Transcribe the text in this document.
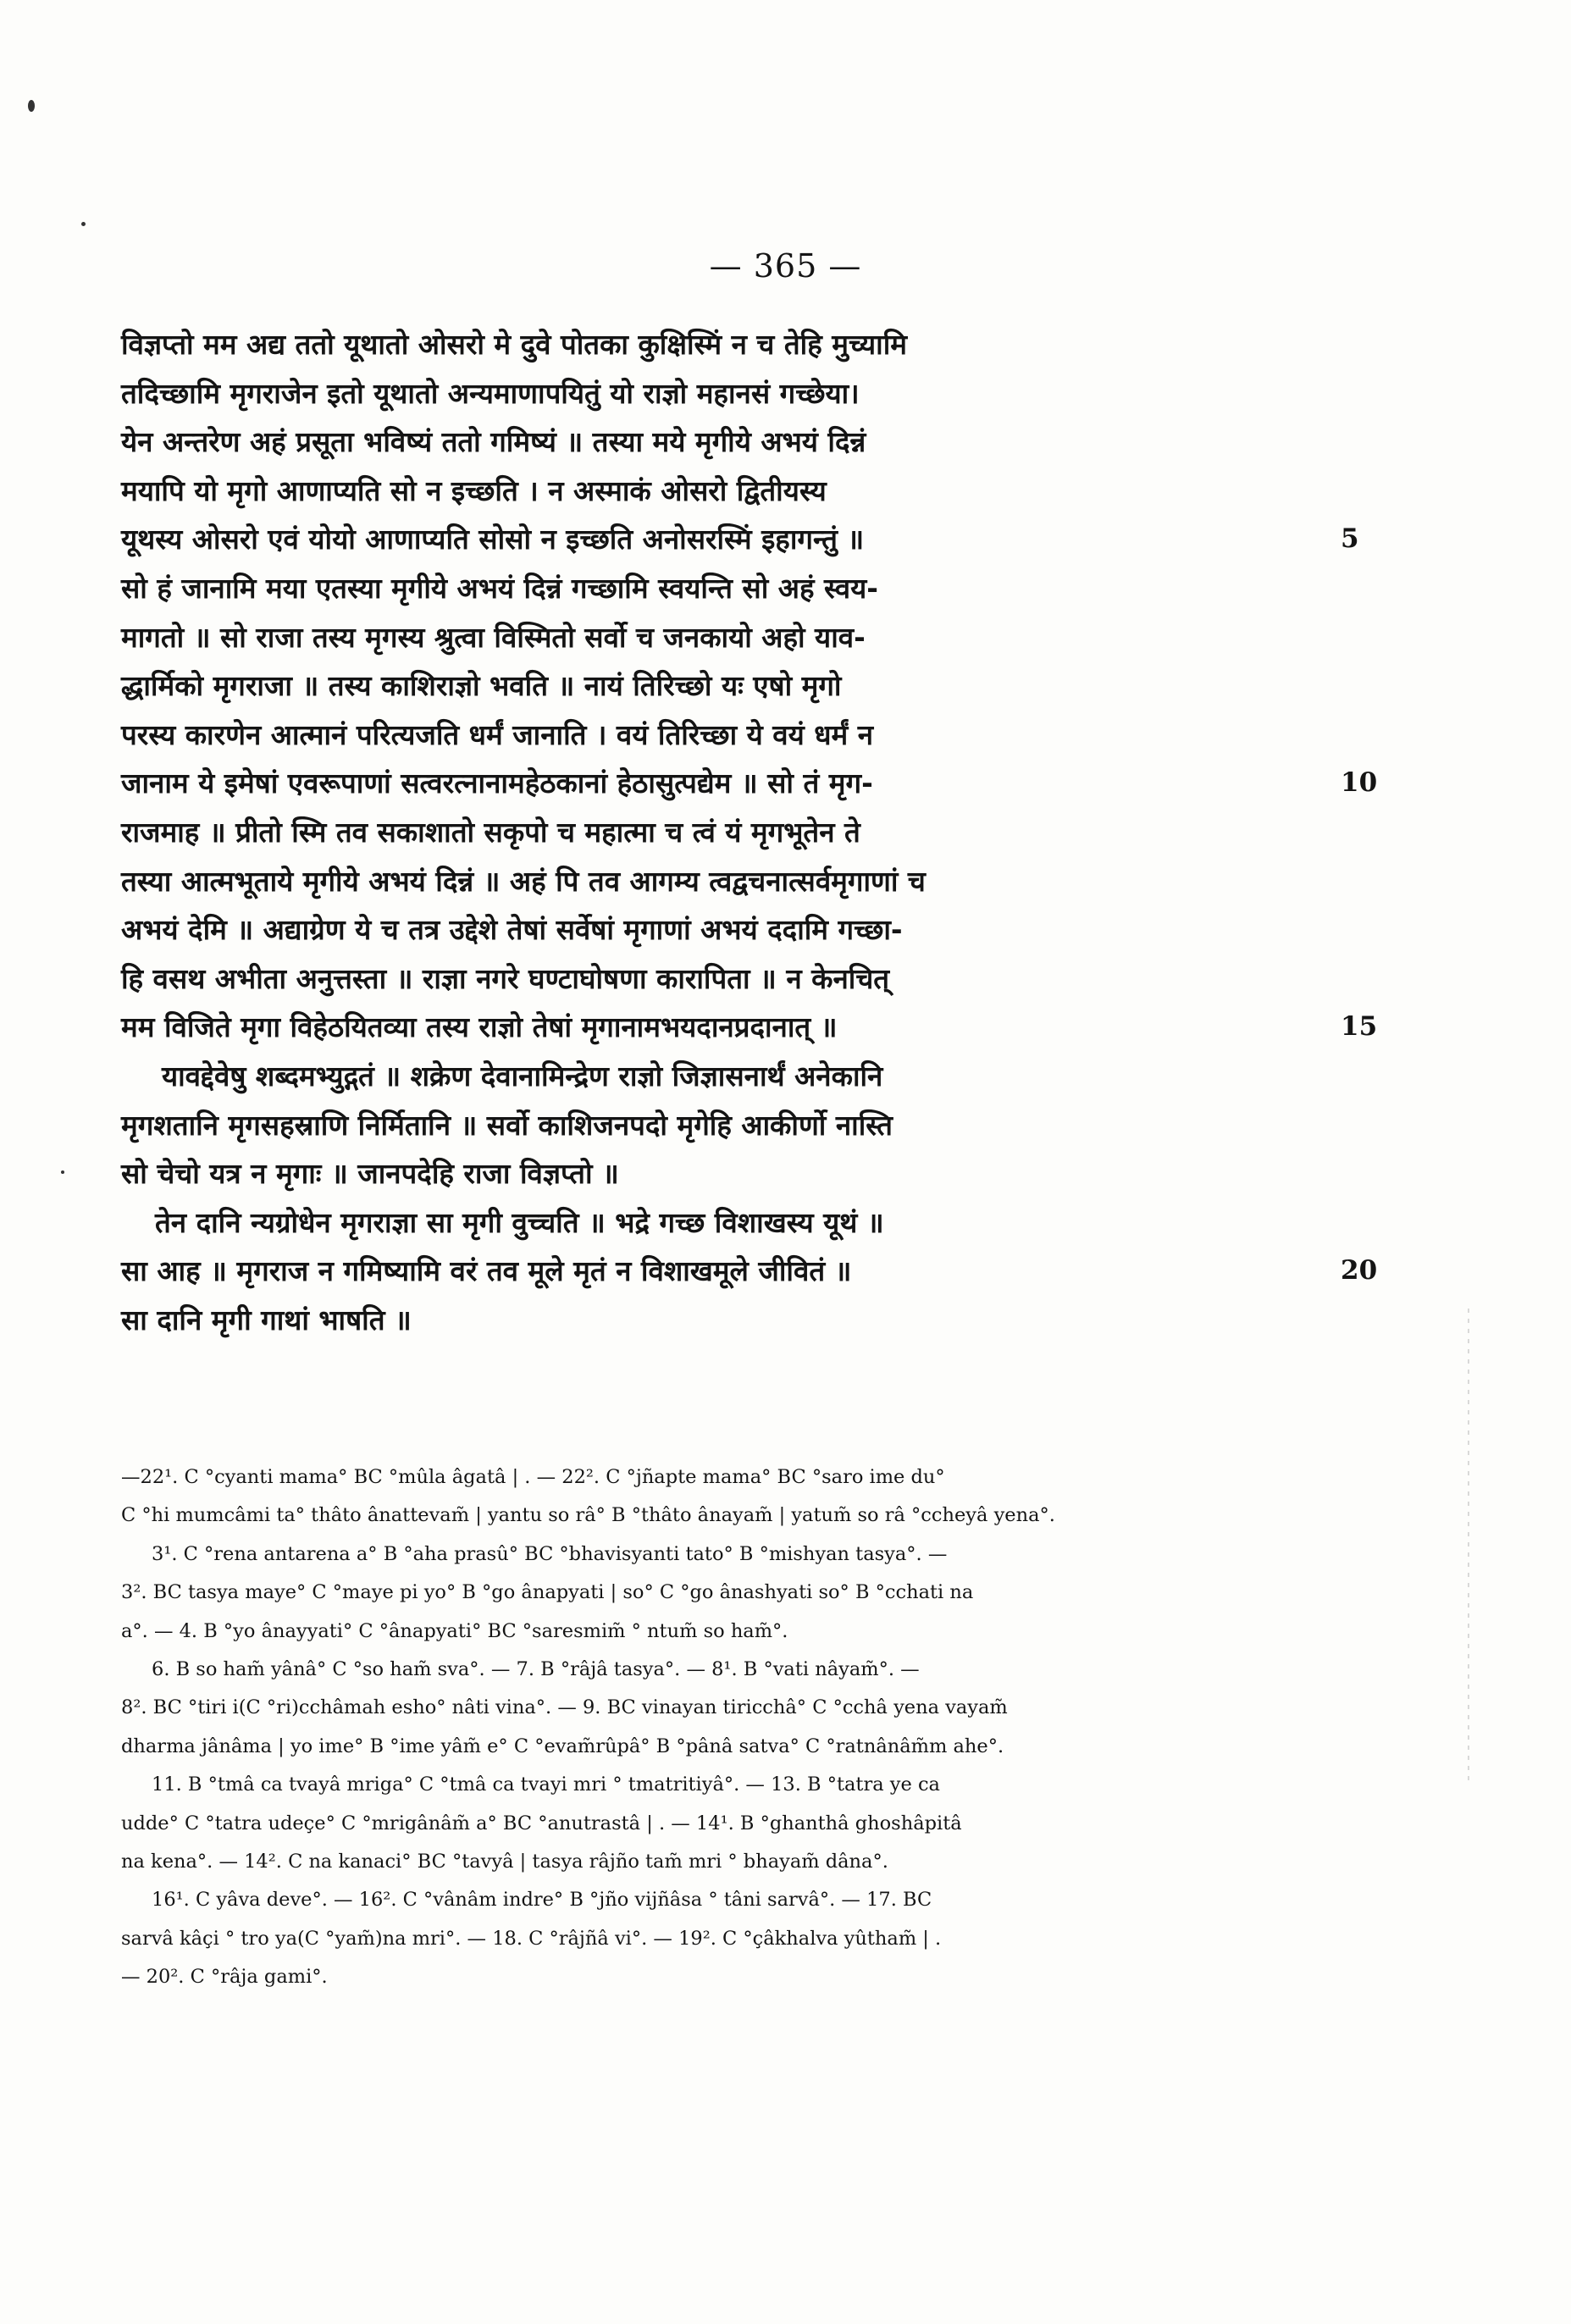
— 365 —
विज्ञप्तो मम अद्य ततो यूथातो ओसरो मे दुवे पोतका कुक्षिस्मिं न च तेहि मुच्यामि
तदिच्छामि मृगराजेन इतो यूथातो अन्यमाणापयितुं यो राज्ञो महानसं गच्छेया।
येन अन्तरेण अहं प्रसूता भविष्यं ततो गमिष्यं ॥ तस्या मये मृगीये अभयं दिन्नं
मयापि यो मृगो आणाप्यति सो न इच्छति । न अस्माकं ओसरो द्वितीयस्य
यूथस्य ओसरो एवं योयो आणाप्यति सोसो न इच्छति अनोसरस्मिं इहागन्तुं ॥	5
सो हं जानामि मया एतस्या मृगीये अभयं दिन्नं गच्छामि स्वयन्ति सो अहं स्वय-
मागतो ॥ सो राजा तस्य मृगस्य श्रुत्वा विस्मितो सर्वो च जनकायो अहो याव-
द्धार्मिको मृगराजा ॥ तस्य काशिराज्ञो भवति ॥ नायं तिरिच्छो यः एषो मृगो
परस्य कारणेन आत्मानं परित्यजति धर्मं जानाति । वयं तिरिच्छा ये वयं धर्मं न
जानाम ये इमेषां एवरूपाणां सत्वरत्नानामहेठकानां हेठासुत्पद्येम ॥ सो तं मृग-	10
राजमाह ॥ प्रीतो स्मि तव सकाशातो सकृपो च महात्मा च त्वं यं मृगभूतेन ते
तस्या आत्मभूताये मृगीये अभयं दिन्नं ॥ अहं पि तव आगम्य त्वद्वचनात्सर्वमृगाणां च
अभयं देमि ॥ अद्याग्रेण ये च तत्र उद्देशे तेषां सर्वेषां मृगाणां अभयं ददामि गच्छा-
हि वसथ अभीता अनुत्तस्ता ॥ राज्ञा नगरे घण्टाघोषणा कारापिता ॥ न केनचित्
मम विजिते मृगा विहेठयितव्या तस्य राज्ञो तेषां मृगानामभयदानप्रदानात् ॥	15
यावद्देवेषु शब्दमभ्युद्गतं ॥ शक्रेण देवानामिन्द्रेण राज्ञो जिज्ञासनार्थं अनेकानि
मृगशतानि मृगसहस्राणि निर्मितानि ॥ सर्वो काशिजनपदो मृगेहि आकीर्णो नास्ति
सो चेचो यत्र न मृगाः ॥ जानपदेहि राजा विज्ञप्तो ॥
तेन दानि न्यग्रोधेन मृगराज्ञा सा मृगी वुच्चति ॥ भद्रे गच्छ विशाखस्य यूथं ॥
सा आह ॥ मृगराज न गमिष्यामि वरं तव मूले मृतं न विशाखमूले जीवितं ॥	20
सा दानि मृगी गाथां भाषति ॥
—22¹. C °cyanti mama° BC °mûla âgatâ | . — 22². C °jñapte mama° BC °saro ime du°
C °hi mumcâmi ta° thâto ânattevam̃ | yantu so râ° B °thâto ânayam̃ | yatum̃ so râ °ccheyâ yena°.
3¹. C °rena antarena a° B °aha prasû° BC °bhavisyanti tato° B °mishyan tasya°. —
3². BC tasya maye° C °maye pi yo° B °go ânapyati | so° C °go ânashyati so° B °cchati na
a°. — 4. B °yo ânayyati° C °ânapyati° BC °saresmim̃ ° ntum̃ so ham̃°.
6. B so ham̃ yânâ° C °so ham̃ sva°. — 7. B °râjâ tasya°. — 8¹. B °vati nâyam̃°. —
8². BC °tiri i(C °ri)cchâmah esho° nâti vina°. — 9. BC vinayan tiricchâ° C °cchâ yena vayam̃
dharma jânâma | yo ime° B °ime yâm̃ e° C °evam̃rûpâ° B °pânâ satva° C °ratnânâm̃m ahe°.
11. B °tmâ ca tvayâ mriga° C °tmâ ca tvayi mri ° tmatritiyâ°. — 13. B °tatra ye ca
udde° C °tatra udeçe° C °mrigânâm̃ a° BC °anutrastâ | . — 14¹. B °ghanthâ ghoshâpitâ
na kena°. — 14². C na kanaci° BC °tavyâ | tasya râjño tam̃ mri ° bhayam̃ dâna°.
16¹. C yâva deve°. — 16². C °vânâm indre° B °jño vijñâsa ° tâni sarvâ°. — 17. BC
sarvâ kâçi ° tro ya(C °yam̃)na mri°. — 18. C °râjñâ vi°. — 19². C °çâkhalva yûtham̃ | .
— 20². C °râja gami°.
